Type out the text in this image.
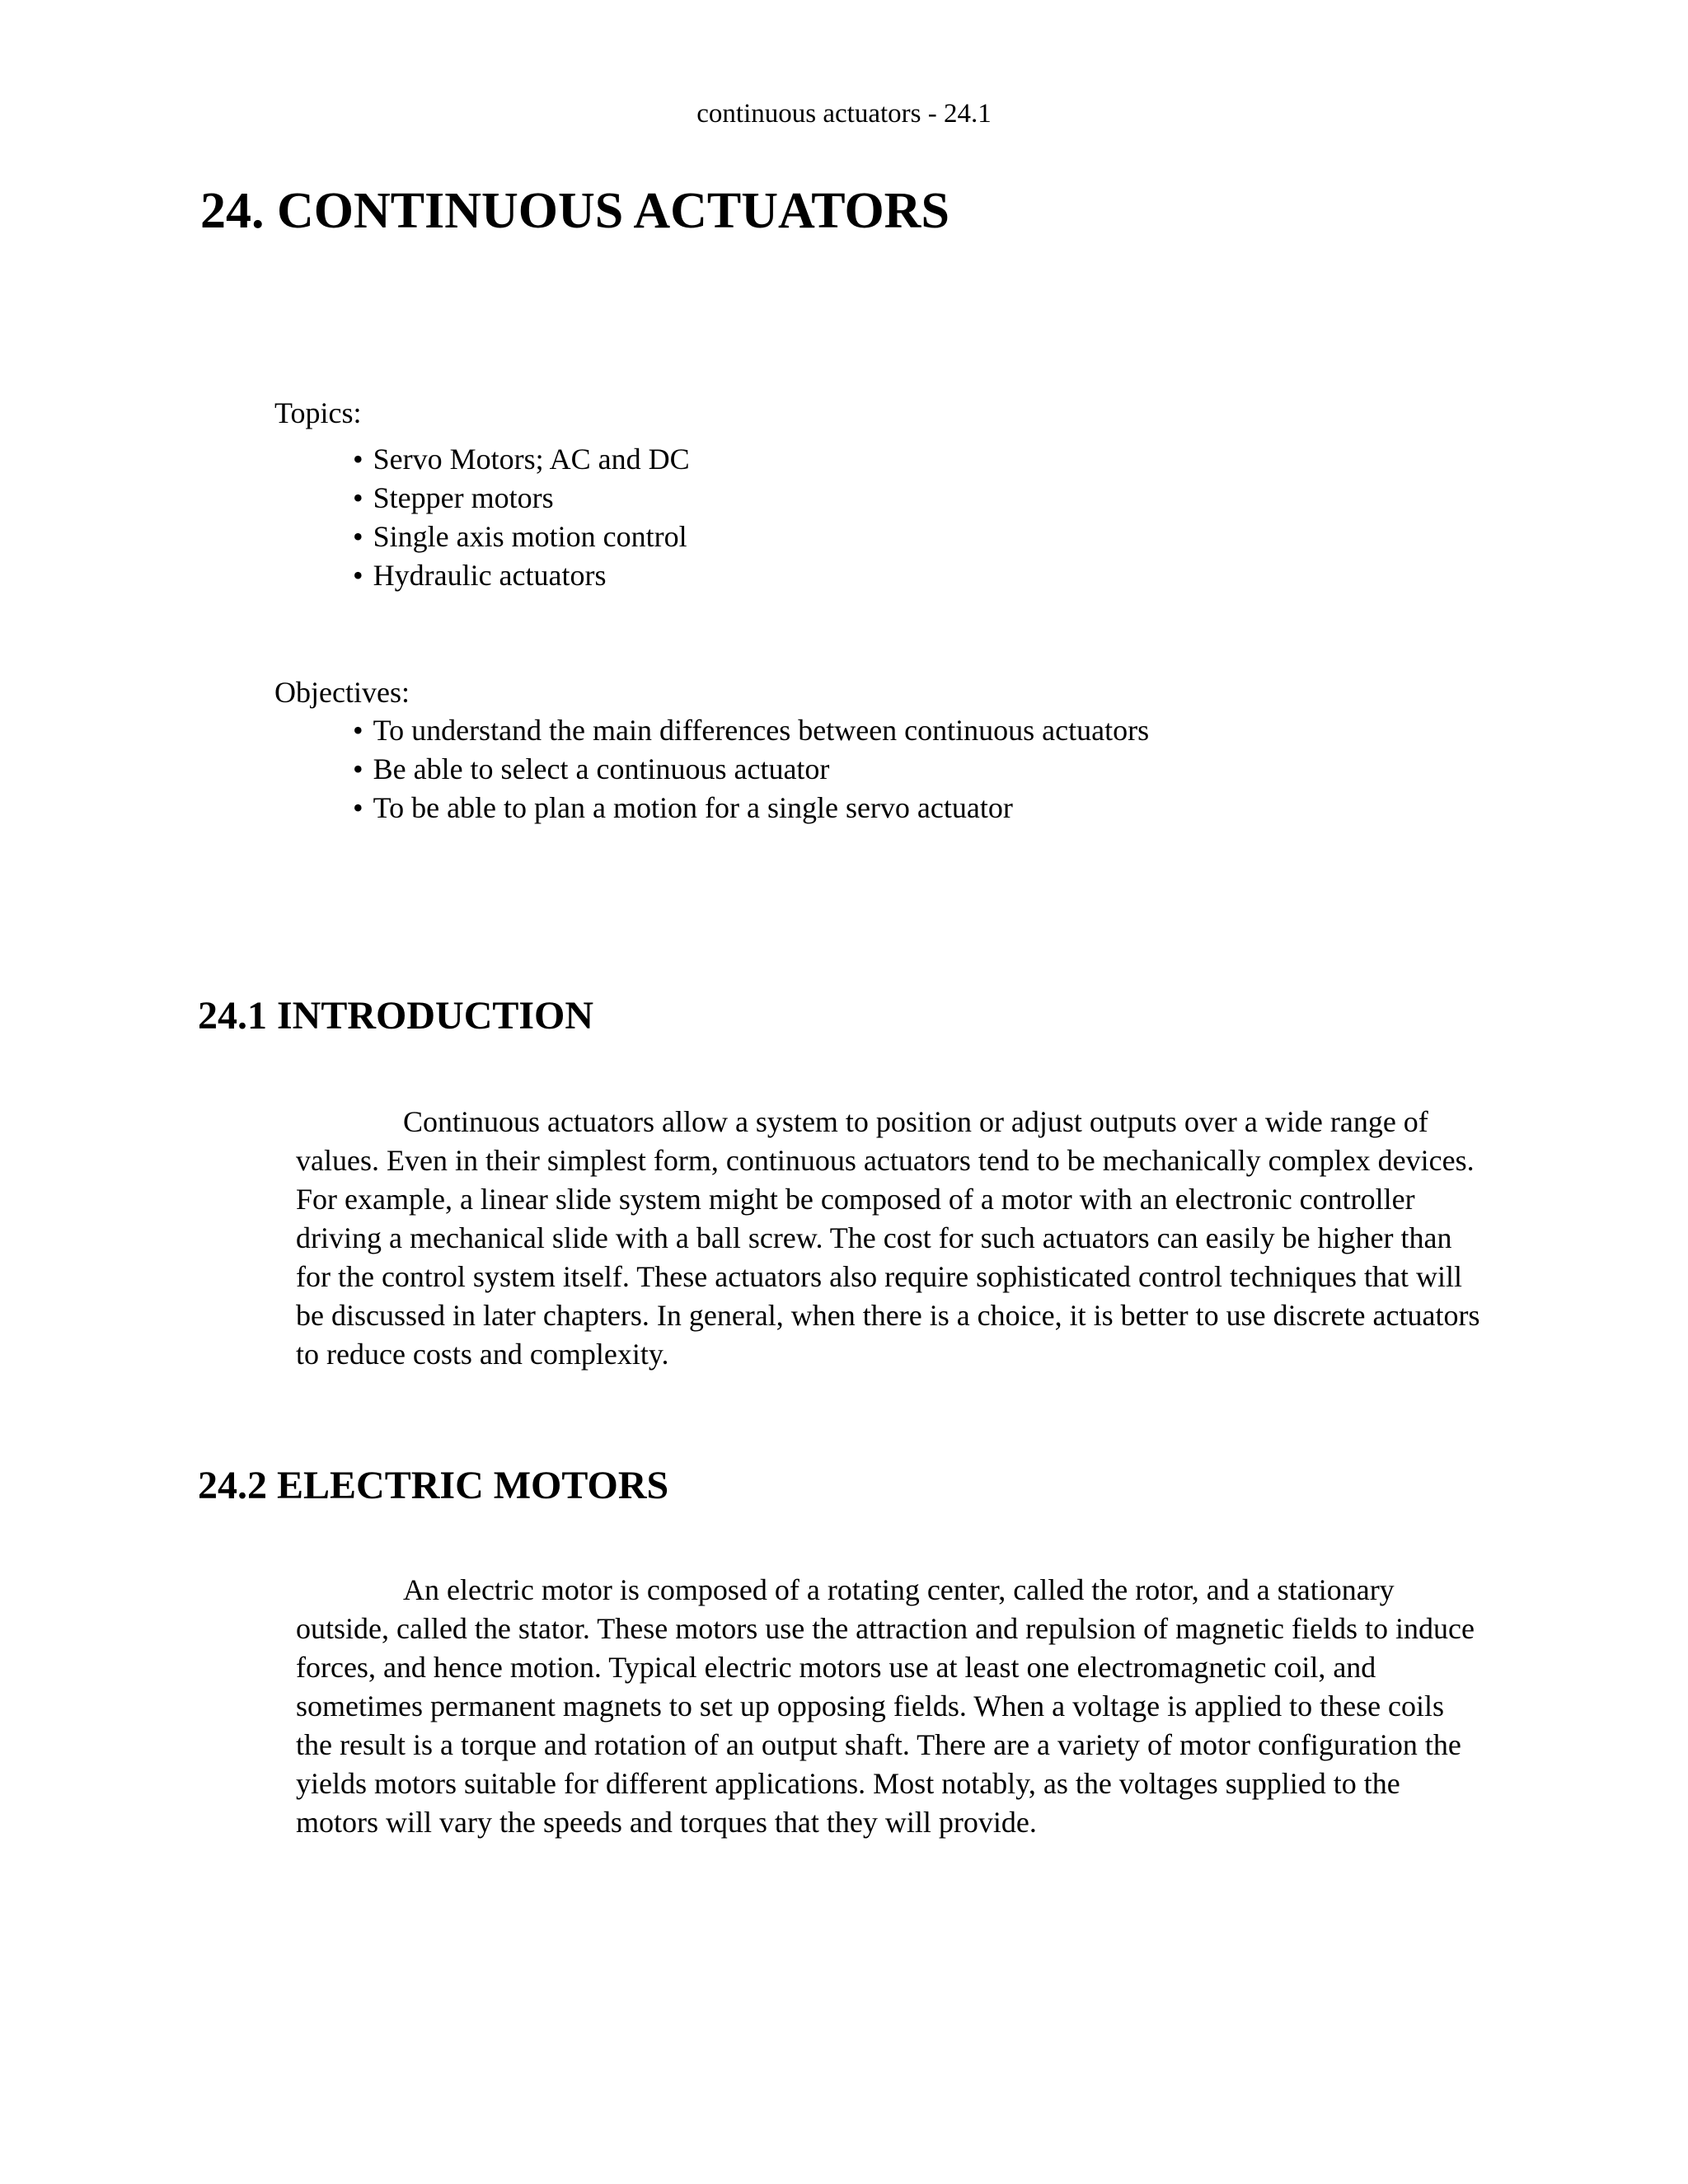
continuous actuators - 24.1
24. CONTINUOUS ACTUATORS
Topics:
• Servo Motors; AC and DC
• Stepper motors
• Single axis motion control
• Hydraulic actuators
Objectives:
• To understand the main differences between continuous actuators
• Be able to select a continuous actuator
• To be able to plan a motion for a single servo actuator
24.1 INTRODUCTION

Continuous actuators allow a system to position or adjust outputs over a wide range of values. Even in their simplest form, continuous actuators tend to be mechanically complex devices. For example, a linear slide system might be composed of a motor with an electronic controller driving a mechanical slide with a ball screw. The cost for such actuators can easily be higher than for the control system itself. These actuators also require sophisticated control techniques that will be discussed in later chapters. In general, when there is a choice, it is better to use discrete actuators to reduce costs and complexity.

24.2 ELECTRIC MOTORS

An electric motor is composed of a rotating center, called the rotor, and a stationary outside, called the stator. These motors use the attraction and repulsion of magnetic fields to induce forces, and hence motion. Typical electric motors use at least one electromagnetic coil, and sometimes permanent magnets to set up opposing fields. When a voltage is applied to these coils the result is a torque and rotation of an output shaft. There are a variety of motor configuration the yields motors suitable for different applications. Most notably, as the voltages supplied to the motors will vary the speeds and torques that they will provide.
